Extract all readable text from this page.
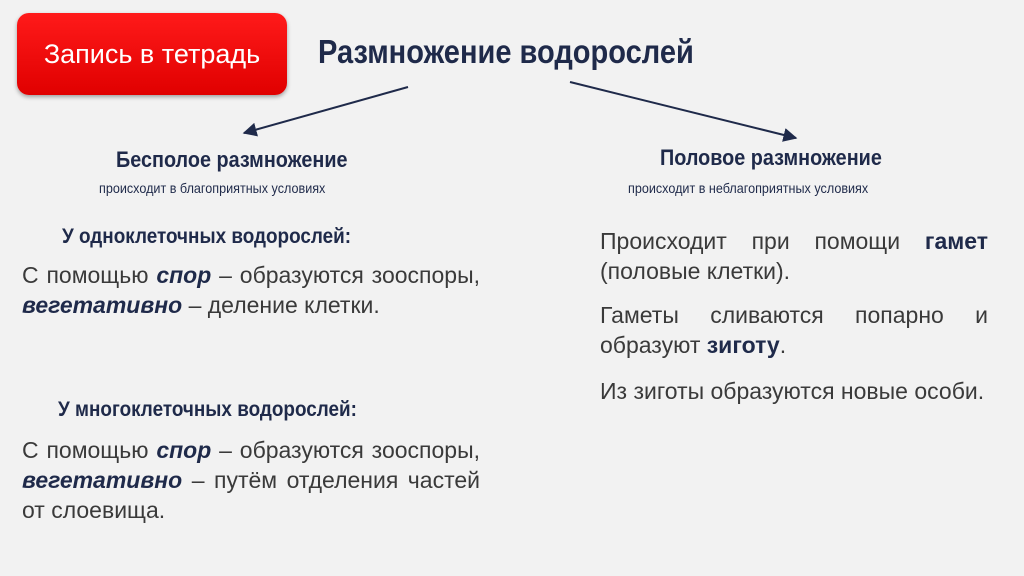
Запись в тетрадь Размножение водорослей
Бесполое размножение
происходит в благоприятных условиях
У одноклеточных водорослей:
С помощью спор – образуются зооспоры, вегетативно – деление клетки.
У многоклеточных водорослей:
С помощью спор – образуются зооспоры, вегетативно – путём отделения частей от слоевища.
Половое размножение
происходит в неблагоприятных условиях
Происходит при помощи гамет (половые клетки).
Гаметы сливаются попарно и образуют зиготу.
Из зиготы образуются новые особи.
